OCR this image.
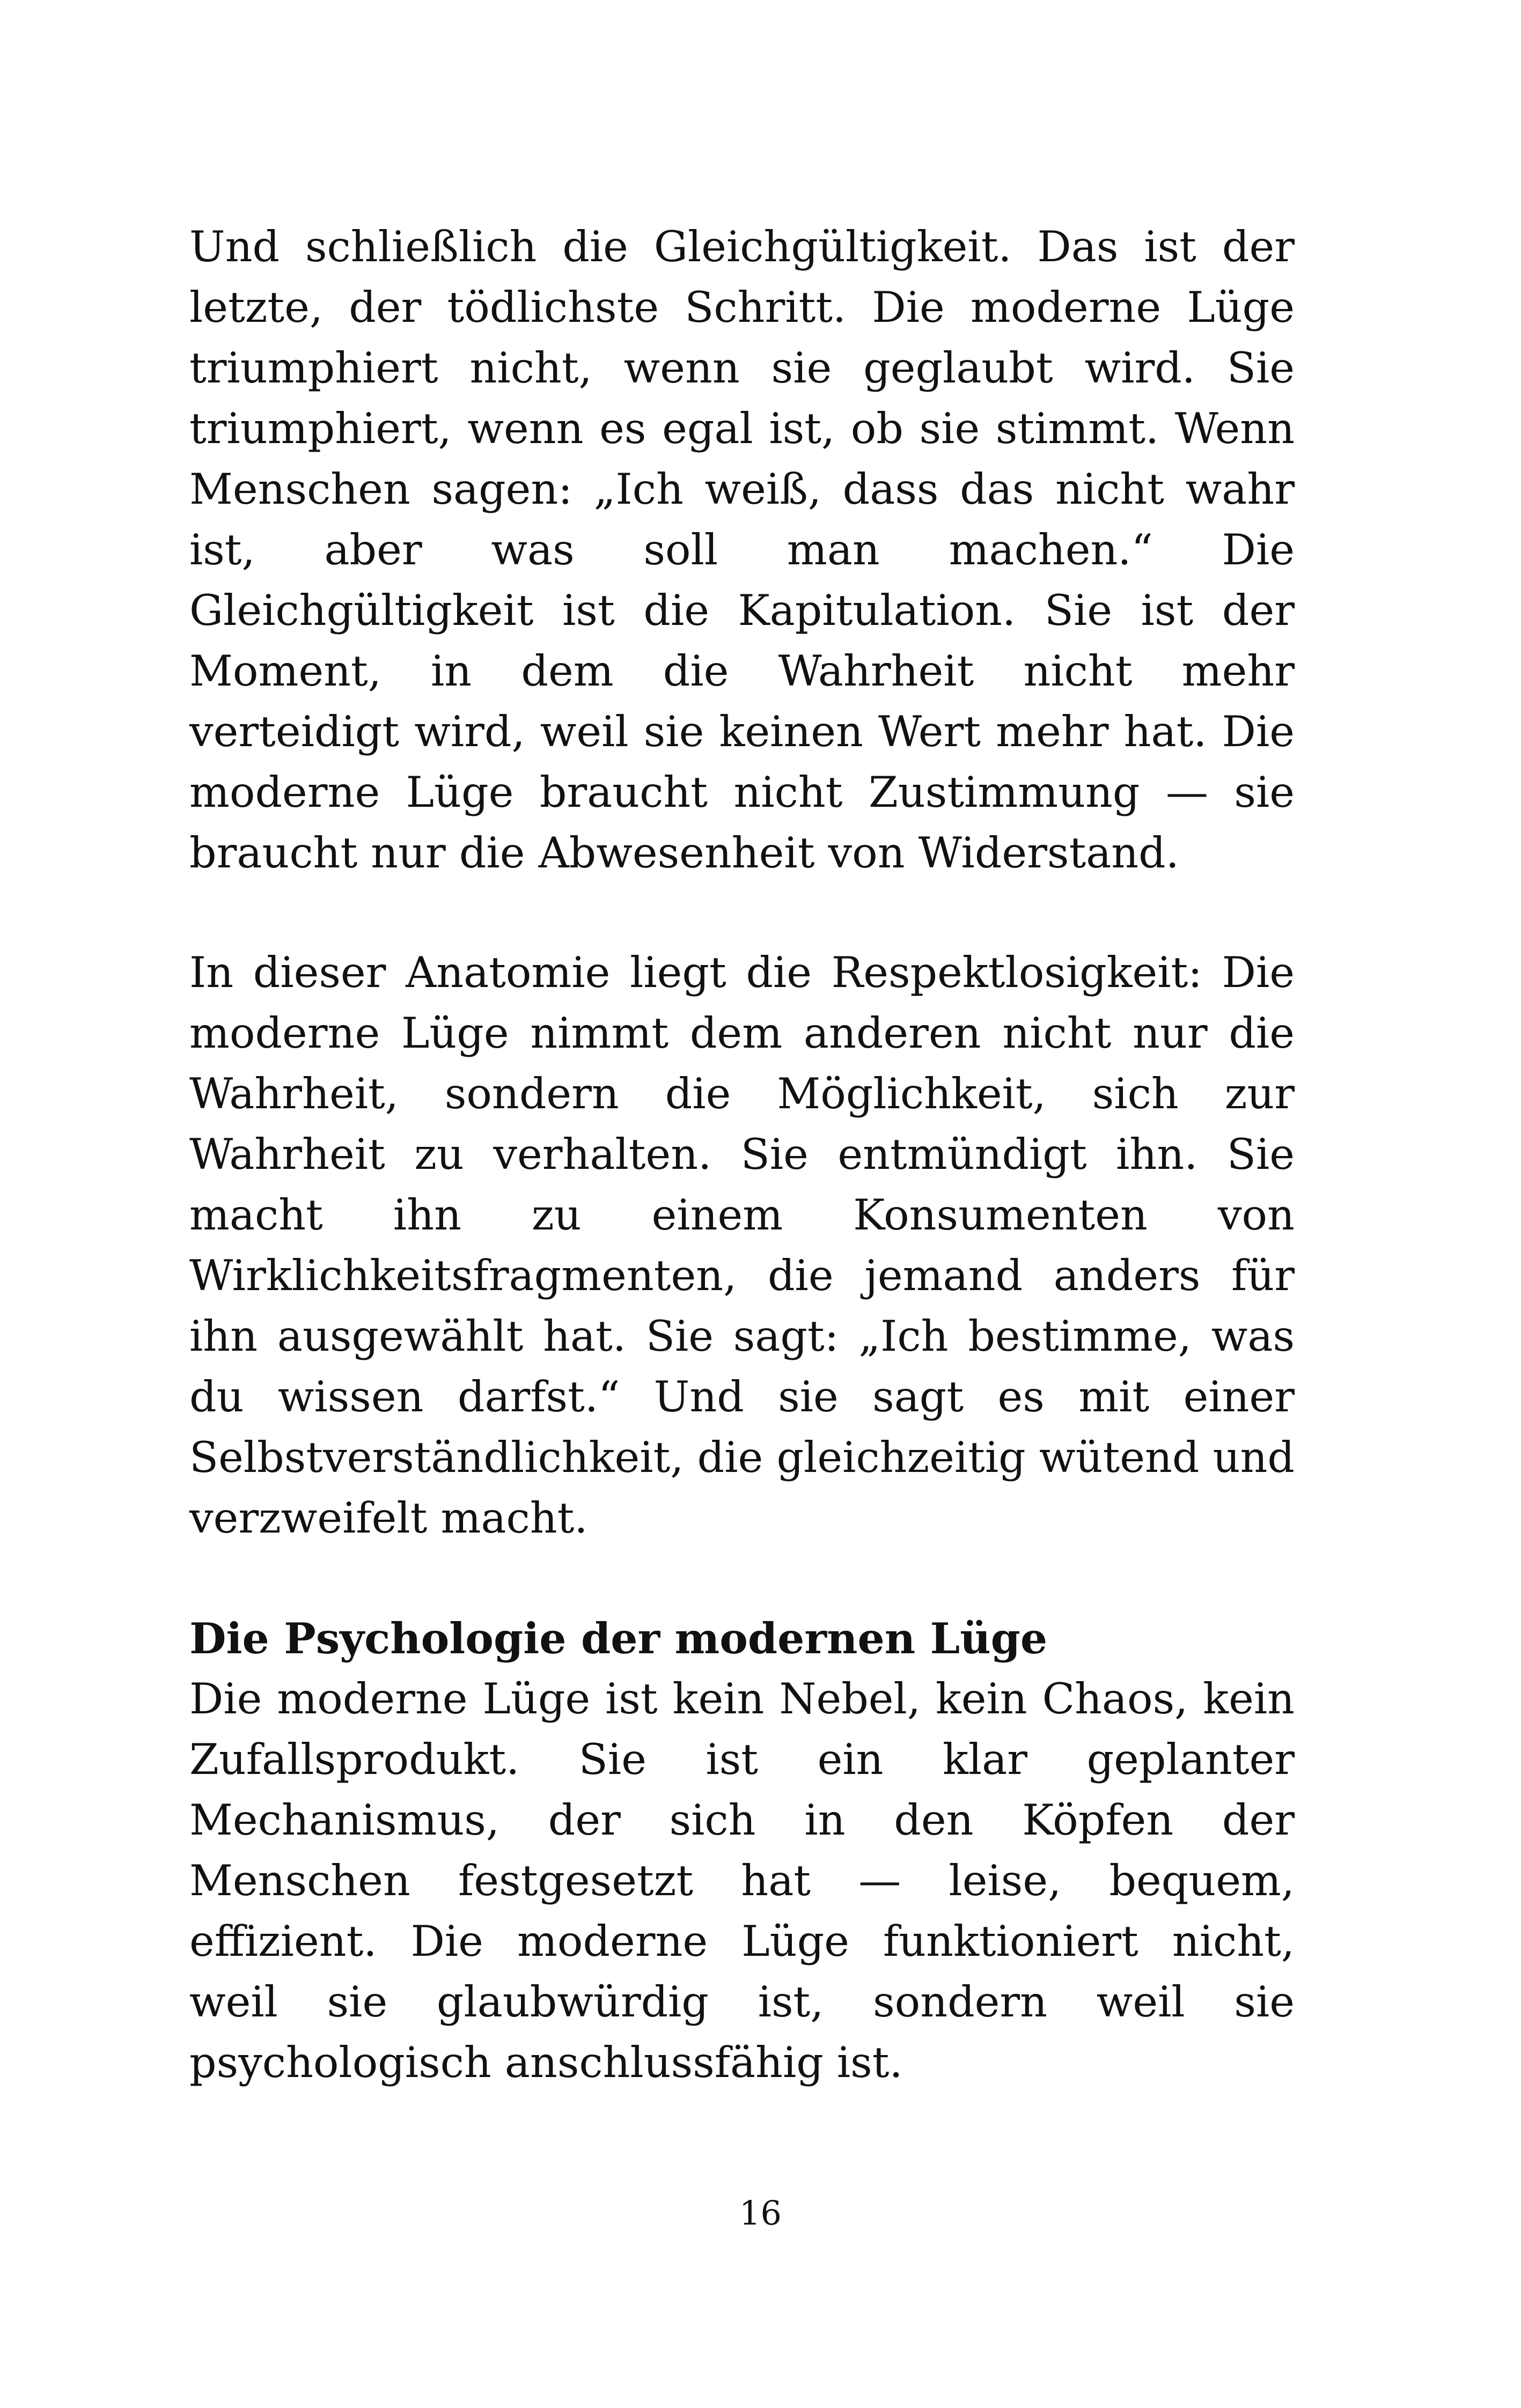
Und schließlich die Gleichgültigkeit. Das ist der letzte, der tödlichste Schritt. Die moderne Lüge triumphiert nicht, wenn sie geglaubt wird. Sie triumphiert, wenn es egal ist, ob sie stimmt. Wenn Menschen sagen: „Ich weiß, dass das nicht wahr ist, aber was soll man machen.“ Die Gleichgültigkeit ist die Kapitulation. Sie ist der Moment, in dem die Wahrheit nicht mehr verteidigt wird, weil sie keinen Wert mehr hat. Die moderne Lüge braucht nicht Zustimmung — sie braucht nur die Abwesenheit von Widerstand.

In dieser Anatomie liegt die Respektlosigkeit: Die moderne Lüge nimmt dem anderen nicht nur die Wahrheit, sondern die Möglichkeit, sich zur Wahrheit zu verhalten. Sie entmündigt ihn. Sie macht ihn zu einem Konsumenten von Wirklichkeitsfragmenten, die jemand anders für ihn ausgewählt hat. Sie sagt: „Ich bestimme, was du wissen darfst.“ Und sie sagt es mit einer Selbstverständlichkeit, die gleichzeitig wütend und verzweifelt macht.

Die Psychologie der modernen Lüge

Die moderne Lüge ist kein Nebel, kein Chaos, kein Zufallsprodukt. Sie ist ein klar geplanter Mechanismus, der sich in den Köpfen der Menschen festgesetzt hat — leise, bequem, effizient. Die moderne Lüge funktioniert nicht, weil sie glaubwürdig ist, sondern weil sie psychologisch anschlussfähig ist.

16
